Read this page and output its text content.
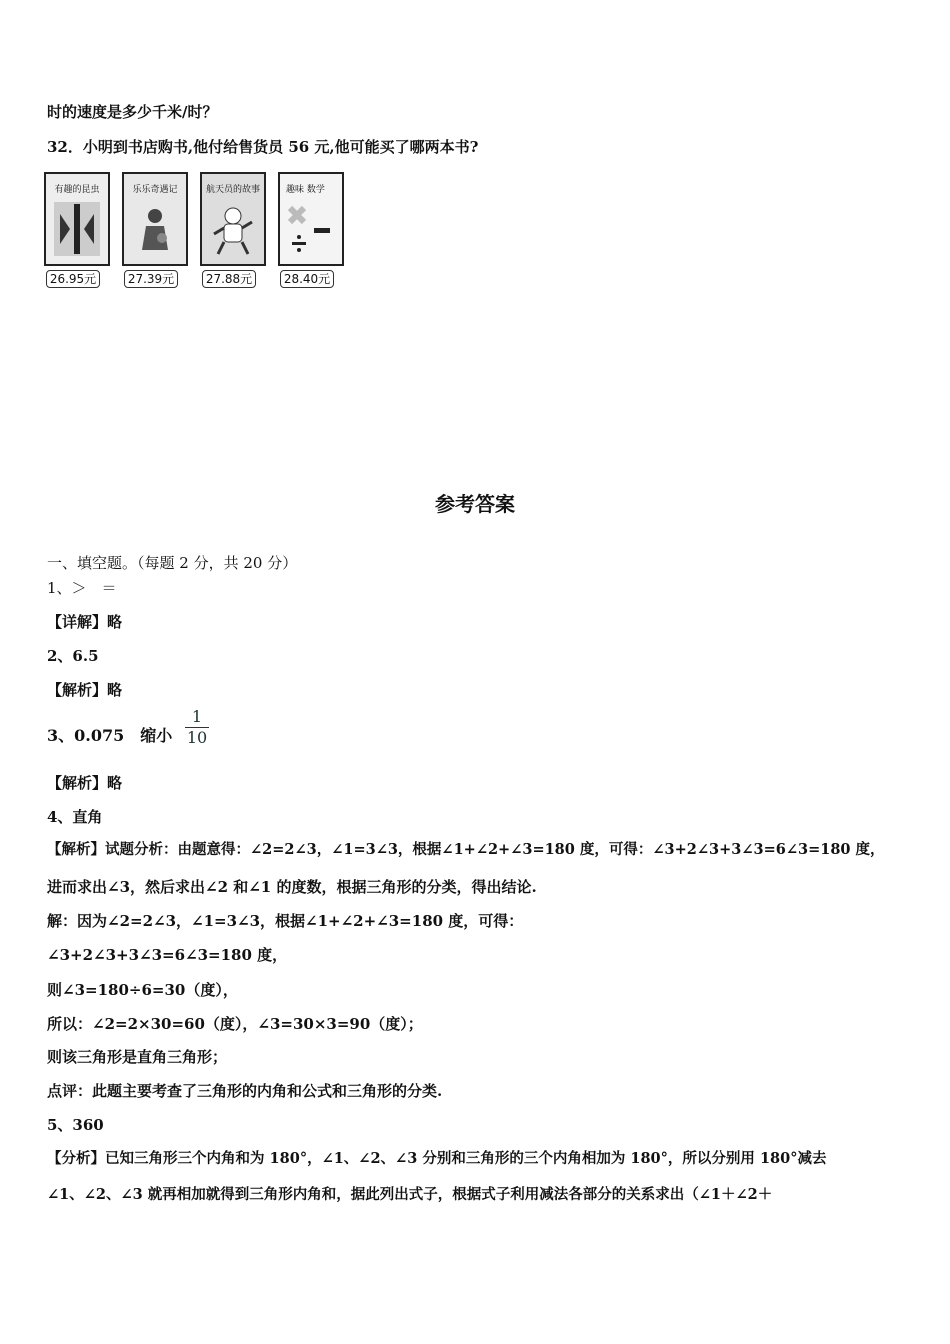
时的速度是多少千米/时？
32．小明到书店购书,他付给售货员 56 元,他可能买了哪两本书?
有趣的昆虫
26.95元
乐乐奇遇记
27.39元
航天员的故事
27.88元
趣味 数学
28.40元
参考答案
一、填空题。（每题 2 分，共 20 分）
1、＞　＝
【详解】略
2、6.5
【解析】略
3、0.075　缩小
1
10
【解析】略
4、直角
【解析】试题分析：由题意得：∠2=2∠3，∠1=3∠3，根据∠1+∠2+∠3=180 度，可得：∠3+2∠3+3∠3=6∠3=180 度，
进而求出∠3，然后求出∠2 和∠1 的度数，根据三角形的分类，得出结论.
解：因为∠2=2∠3，∠1=3∠3，根据∠1+∠2+∠3=180 度，可得：
∠3+2∠3+3∠3=6∠3=180 度，
则∠3=180÷6=30（度），
所以：∠2=2×30=60（度），∠3=30×3=90（度）；
则该三角形是直角三角形；
点评：此题主要考查了三角形的内角和公式和三角形的分类.
5、360
【分析】已知三角形三个内角和为 180°，∠1、∠2、∠3 分别和三角形的三个内角相加为 180°，所以分别用 180°减去
∠1、∠2、∠3 就再相加就得到三角形内角和，据此列出式子，根据式子利用减法各部分的关系求出（∠1＋∠2＋
